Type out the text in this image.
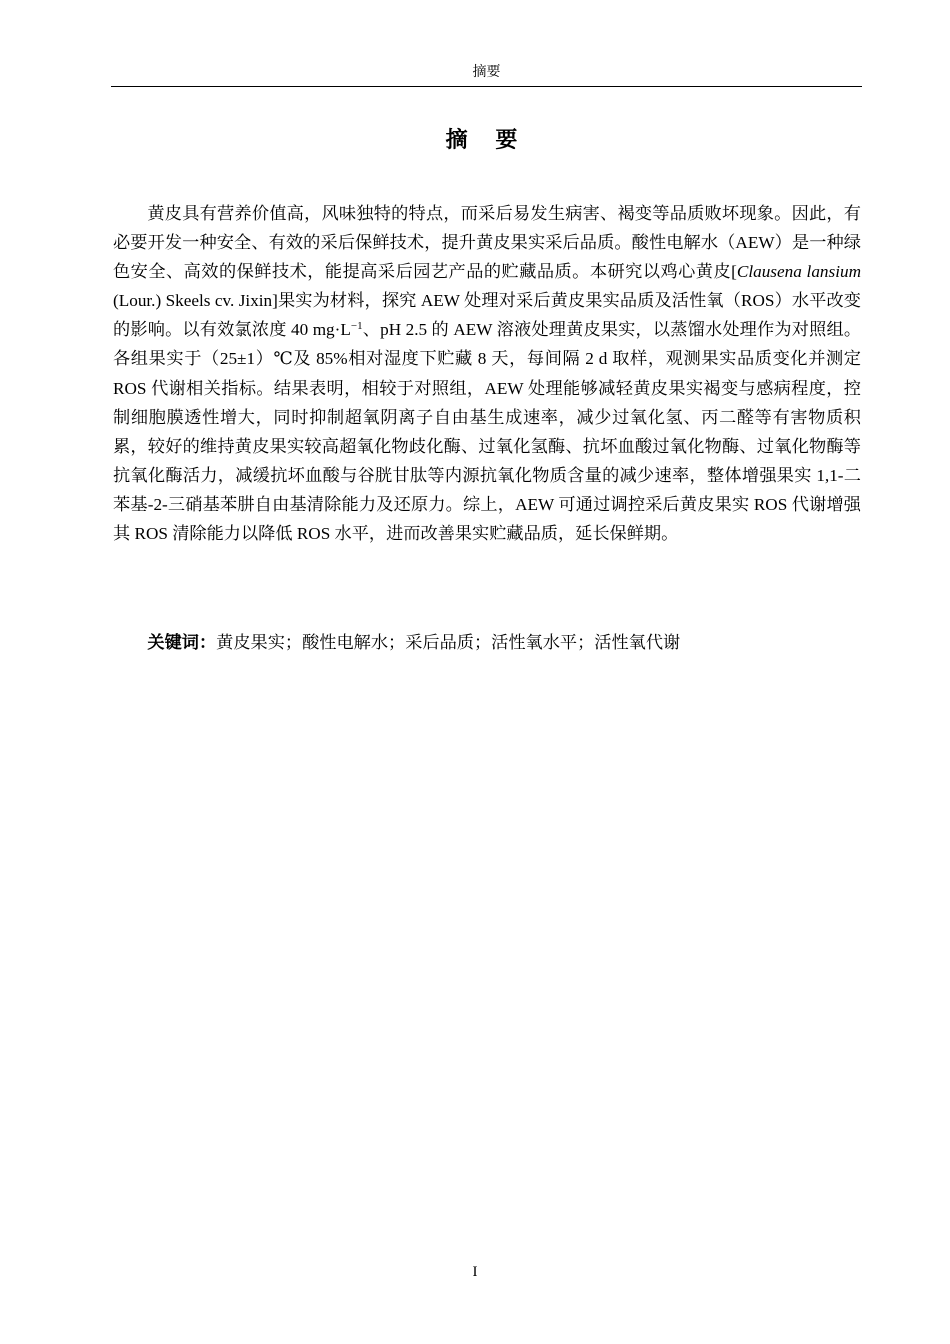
摘要
摘 要

黄皮具有营养价值高，风味独特的特点，而采后易发生病害、褐变等品质败坏现象。因此，有必要开发一种安全、有效的采后保鲜技术，提升黄皮果实采后品质。酸性电解水（AEW）是一种绿色安全、高效的保鲜技术，能提高采后园艺产品的贮藏品质。本研究以鸡心黄皮[Clausena lansium (Lour.) Skeels cv. Jixin]果实为材料，探究 AEW 处理对采后黄皮果实品质及活性氧（ROS）水平改变的影响。以有效氯浓度 40 $mg\cdot L^{-1}$、pH 2.5 的 AEW 溶液处理黄皮果实，以蒸馏水处理作为对照组。各组果实于（25±1）℃及 85%相对湿度下贮藏 8 天，每间隔 2 d 取样，观测果实品质变化并测定 ROS 代谢相关指标。结果表明，相较于对照组，AEW 处理能够减轻黄皮果实褐变与感病程度，控制细胞膜透性增大，同时抑制超氧阴离子自由基生成速率，减少过氧化氢、丙二醛等有害物质积累，较好的维持黄皮果实较高超氧化物歧化酶、过氧化氢酶、抗坏血酸过氧化物酶、过氧化物酶等抗氧化酶活力，减缓抗坏血酸与谷胱甘肽等内源抗氧化物质含量的减少速率，整体增强果实 1,1-二苯基-2-三硝基苯肼自由基清除能力及还原力。综上，AEW 可通过调控采后黄皮果实 ROS 代谢增强其 ROS 清除能力以降低 ROS 水平，进而改善果实贮藏品质，延长保鲜期。

关键词：黄皮果实；酸性电解水；采后品质；活性氧水平；活性氧代谢

I
